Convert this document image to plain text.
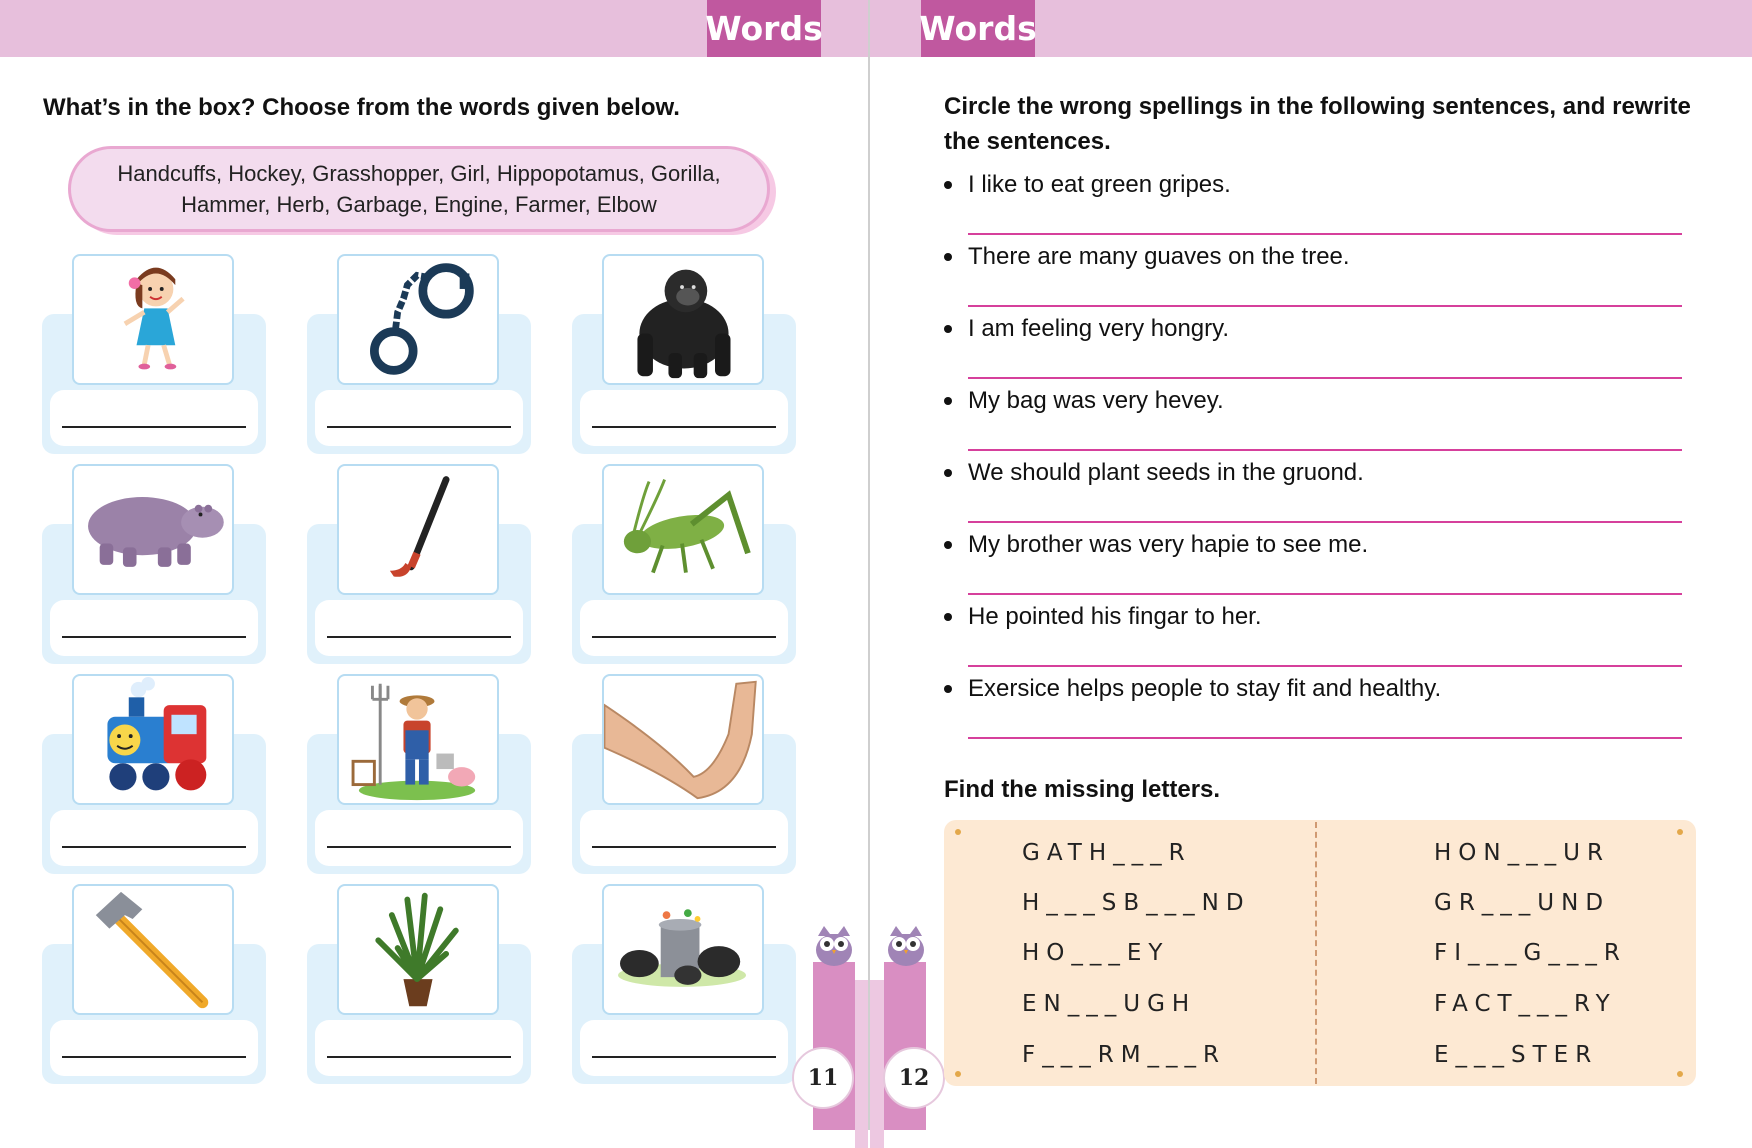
Words	Words
What’s in the box? Choose from the words given below.
Handcuffs, Hockey, Grasshopper, Girl, Hippopotamus, Gorilla,
Hammer, Herb, Garbage, Engine, Farmer, Elbow
11	12
Circle the wrong spellings in the following sentences, and rewrite
the sentences.
I like to eat green gripes.
There are many guaves on the tree.
I am feeling very hongry.
My bag was very hevey.
We should plant seeds in the gruond.
My brother was very hapie to see me.
He pointed his fingar to her.
Exersice helps people to stay fit and healthy.
Find the missing letters.
GATH___R
H___SB___ND
HO___EY
EN___UGH
F___RM___R
HON___UR
GR___UND
FI___G___R
FACT___RY
E___STER
